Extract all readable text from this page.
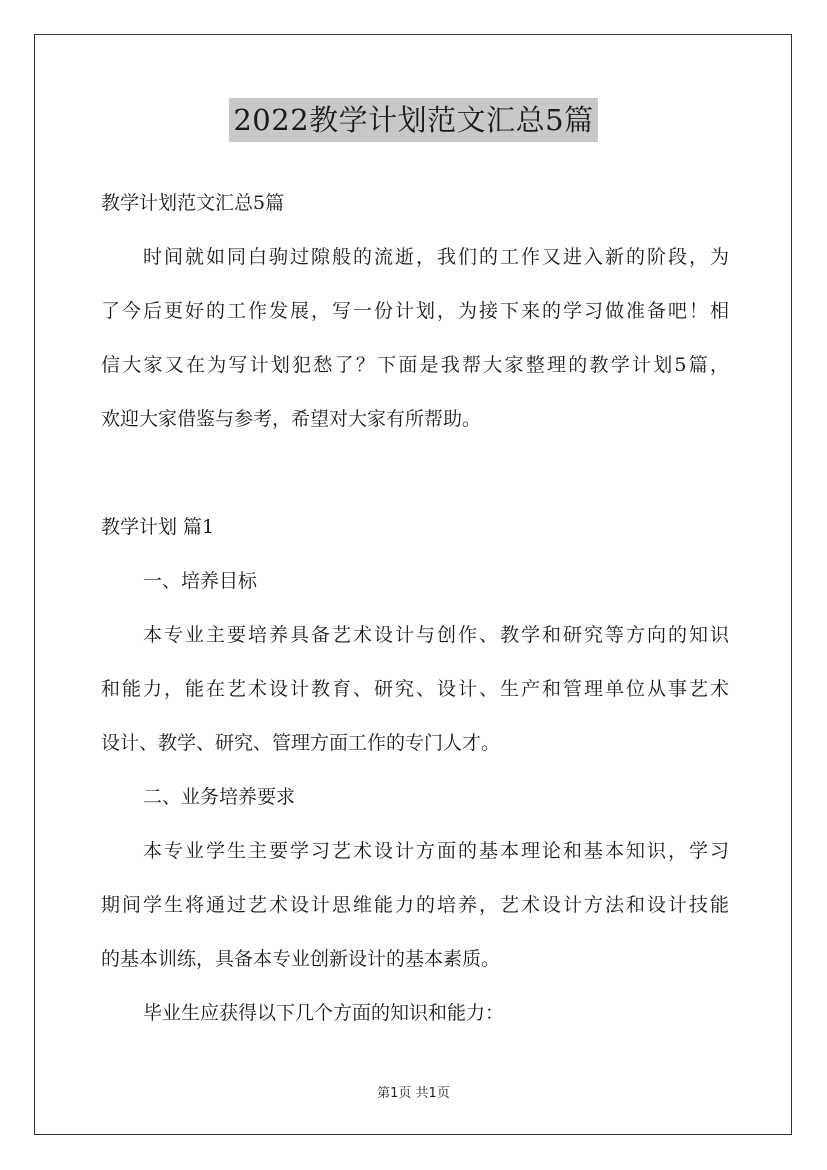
2022教学计划范文汇总5篇
教学计划范文汇总5篇
时间就如同白驹过隙般的流逝，我们的工作又进入新的阶段，为
了今后更好的工作发展，写一份计划，为接下来的学习做准备吧！相
信大家又在为写计划犯愁了？下面是我帮大家整理的教学计划5篇，
欢迎大家借鉴与参考，希望对大家有所帮助。
教学计划 篇1
一、培养目标
本专业主要培养具备艺术设计与创作、教学和研究等方向的知识
和能力，能在艺术设计教育、研究、设计、生产和管理单位从事艺术
设计、教学、研究、管理方面工作的专门人才。
二、业务培养要求
本专业学生主要学习艺术设计方面的基本理论和基本知识，学习
期间学生将通过艺术设计思维能力的培养，艺术设计方法和设计技能
的基本训练，具备本专业创新设计的基本素质。
毕业生应获得以下几个方面的知识和能力：
第1页 共1页
